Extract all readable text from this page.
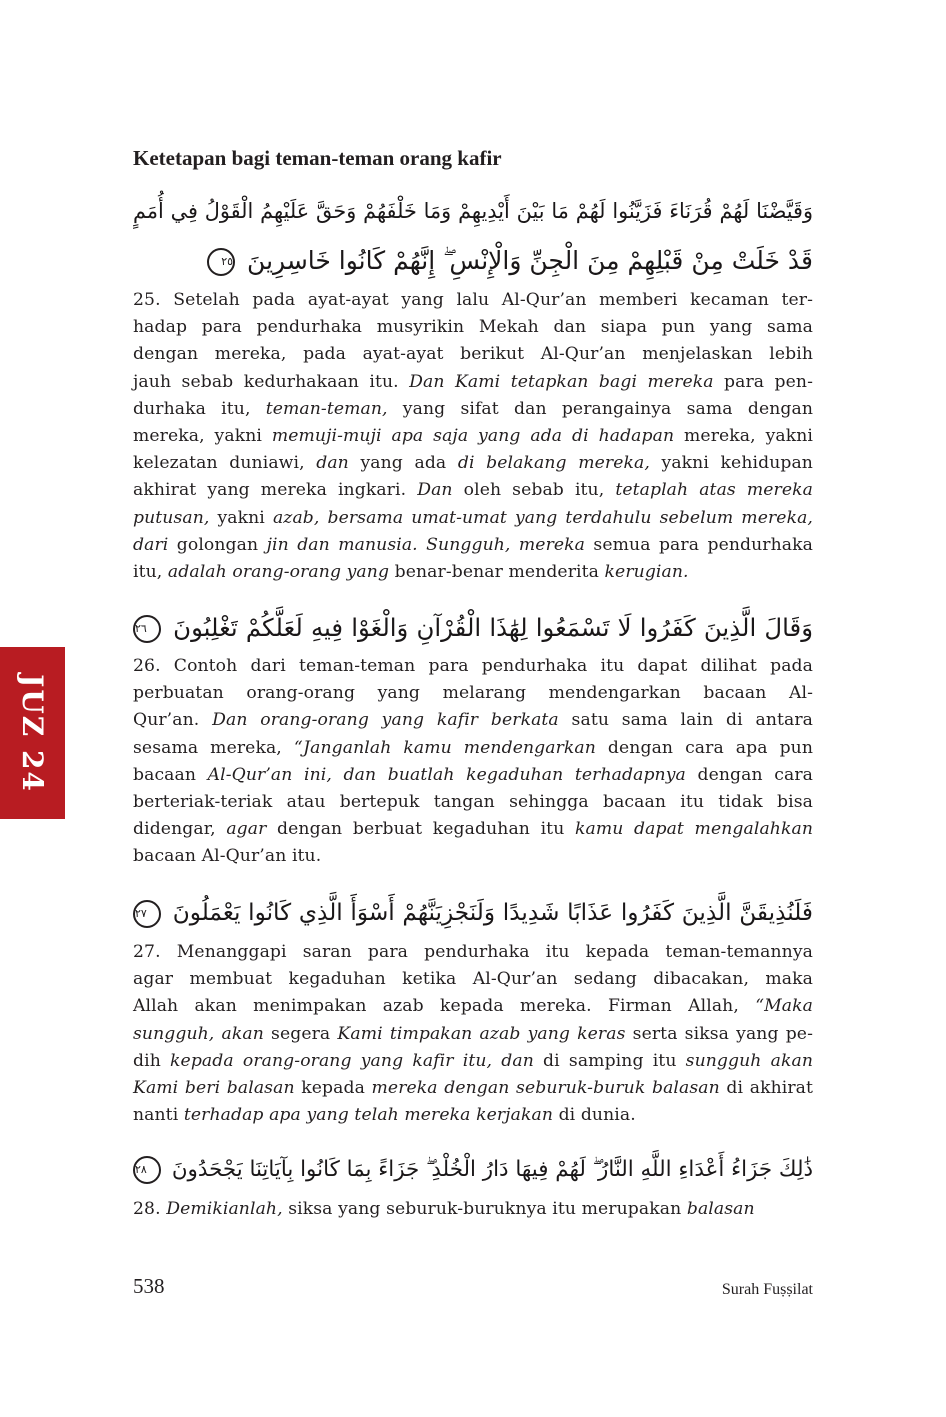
Ketetapan bagi teman-teman orang kafir
وَقَيَّضْنَا لَهُمْ قُرَنَاءَ فَزَيَّنُوا لَهُمْ مَا بَيْنَ أَيْدِيهِمْ وَمَا خَلْفَهُمْ وَحَقَّ عَلَيْهِمُ الْقَوْلُ فِي أُمَمٍ
قَدْ خَلَتْ مِنْ قَبْلِهِمْ مِنَ الْجِنِّ وَالْإِنْسِ ۖ إِنَّهُمْ كَانُوا خَاسِرِينَ ٢٥
25. Setelah pada ayat-ayat yang lalu Al-Qur’an memberi kecaman ter-
hadap para pendurhaka musyrikin Mekah dan siapa pun yang sama
dengan mereka, pada ayat-ayat berikut Al-Qur’an menjelaskan lebih
jauh sebab kedurhakaan itu. Dan Kami tetapkan bagi mereka para pen-
durhaka itu, teman-teman, yang sifat dan perangainya sama dengan
mereka, yakni memuji-muji apa saja yang ada di hadapan mereka, yakni
kelezatan duniawi, dan yang ada di belakang mereka, yakni kehidupan
akhirat yang mereka ingkari. Dan oleh sebab itu, tetaplah atas mereka
putusan, yakni azab, bersama umat-umat yang terdahulu sebelum mereka,
dari golongan jin dan manusia. Sungguh, mereka semua para pendurhaka
itu, adalah orang-orang yang benar-benar menderita kerugian.
وَقَالَ الَّذِينَ كَفَرُوا لَا تَسْمَعُوا لِهَٰذَا الْقُرْآنِ وَالْغَوْا فِيهِ لَعَلَّكُمْ تَغْلِبُونَ ٢٦
26. Contoh dari teman-teman para pendurhaka itu dapat dilihat pada
perbuatan orang-orang yang melarang mendengarkan bacaan Al-
Qur’an. Dan orang-orang yang kafir berkata satu sama lain di antara
sesama mereka, “Janganlah kamu mendengarkan dengan cara apa pun
bacaan Al-Qur’an ini, dan buatlah kegaduhan terhadapnya dengan cara
berteriak-teriak atau bertepuk tangan sehingga bacaan itu tidak bisa
didengar, agar dengan berbuat kegaduhan itu kamu dapat mengalahkan
bacaan Al-Qur’an itu.
فَلَنُذِيقَنَّ الَّذِينَ كَفَرُوا عَذَابًا شَدِيدًا وَلَنَجْزِيَنَّهُمْ أَسْوَأَ الَّذِي كَانُوا يَعْمَلُونَ ٢٧
27. Menanggapi saran para pendurhaka itu kepada teman-temannya
agar membuat kegaduhan ketika Al-Qur’an sedang dibacakan, maka
Allah akan menimpakan azab kepada mereka. Firman Allah, “Maka
sungguh, akan segera Kami timpakan azab yang keras serta siksa yang pe-
dih kepada orang-orang yang kafir itu, dan di samping itu sungguh akan
Kami beri balasan kepada mereka dengan seburuk-buruk balasan di akhirat
nanti terhadap apa yang telah mereka kerjakan di dunia.
ذَٰلِكَ جَزَاءُ أَعْدَاءِ اللَّهِ النَّارُ ۖ لَهُمْ فِيهَا دَارُ الْخُلْدِ ۖ جَزَاءً بِمَا كَانُوا بِآيَاتِنَا يَجْحَدُونَ ٢٨
28. Demikianlah, siksa yang seburuk-buruknya itu merupakan balasan
JUZ 24
538	Surah Fuṣṣilat
